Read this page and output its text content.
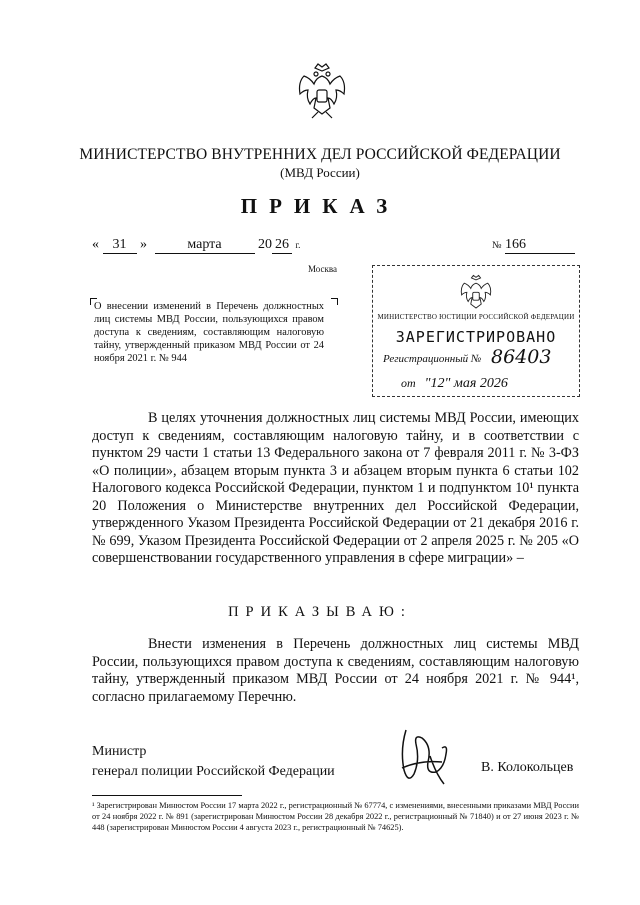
МИНИСТЕРСТВО ВНУТРЕННИХ ДЕЛ РОССИЙСКОЙ ФЕДЕРАЦИИ
(МВД России)
ПРИКАЗ
« 31 »	марта	20 26 г.	№ 166
Москва
О внесении изменений в Перечень должностных лиц системы МВД России, пользующихся правом доступа к сведениям, составляющим налоговую тайну, утвержденный приказом МВД России от 24 ноября 2021 г. № 944
МИНИСТЕРСТВО ЮСТИЦИИ РОССИЙСКОЙ ФЕДЕРАЦИИ
ЗАРЕГИСТРИРОВАНО
Регистрационный № 86403
от "12" мая 2026
В целях уточнения должностных лиц системы МВД России, имеющих доступ к сведениям, составляющим налоговую тайну, и в соответствии с пунктом 29 части 1 статьи 13 Федерального закона от 7 февраля 2011 г. № 3-ФЗ «О полиции», абзацем вторым пункта 3 и абзацем вторым пункта 6 статьи 102 Налогового кодекса Российской Федерации, пунктом 1 и подпунктом 10¹ пункта 20 Положения о Министерстве внутренних дел Российской Федерации, утвержденного Указом Президента Российской Федерации от 21 декабря 2016 г. № 699, Указом Президента Российской Федерации от 2 апреля 2025 г. № 205 «О совершенствовании государственного управления в сфере миграции» –
ПРИКАЗЫВАЮ:
Внести изменения в Перечень должностных лиц системы МВД России, пользующихся правом доступа к сведениям, составляющим налоговую тайну, утвержденный приказом МВД России от 24 ноября 2021 г. № 944¹, согласно прилагаемому Перечню.
Министр
генерал полиции Российской Федерации	В. Колокольцев
¹ Зарегистрирован Минюстом России 17 марта 2022 г., регистрационный № 67774, с изменениями, внесенными приказами МВД России от 24 ноября 2022 г. № 891 (зарегистрирован Минюстом России 28 декабря 2022 г., регистрационный № 71840) и от 27 июня 2023 г. № 448 (зарегистрирован Минюстом России 4 августа 2023 г., регистрационный № 74625).
